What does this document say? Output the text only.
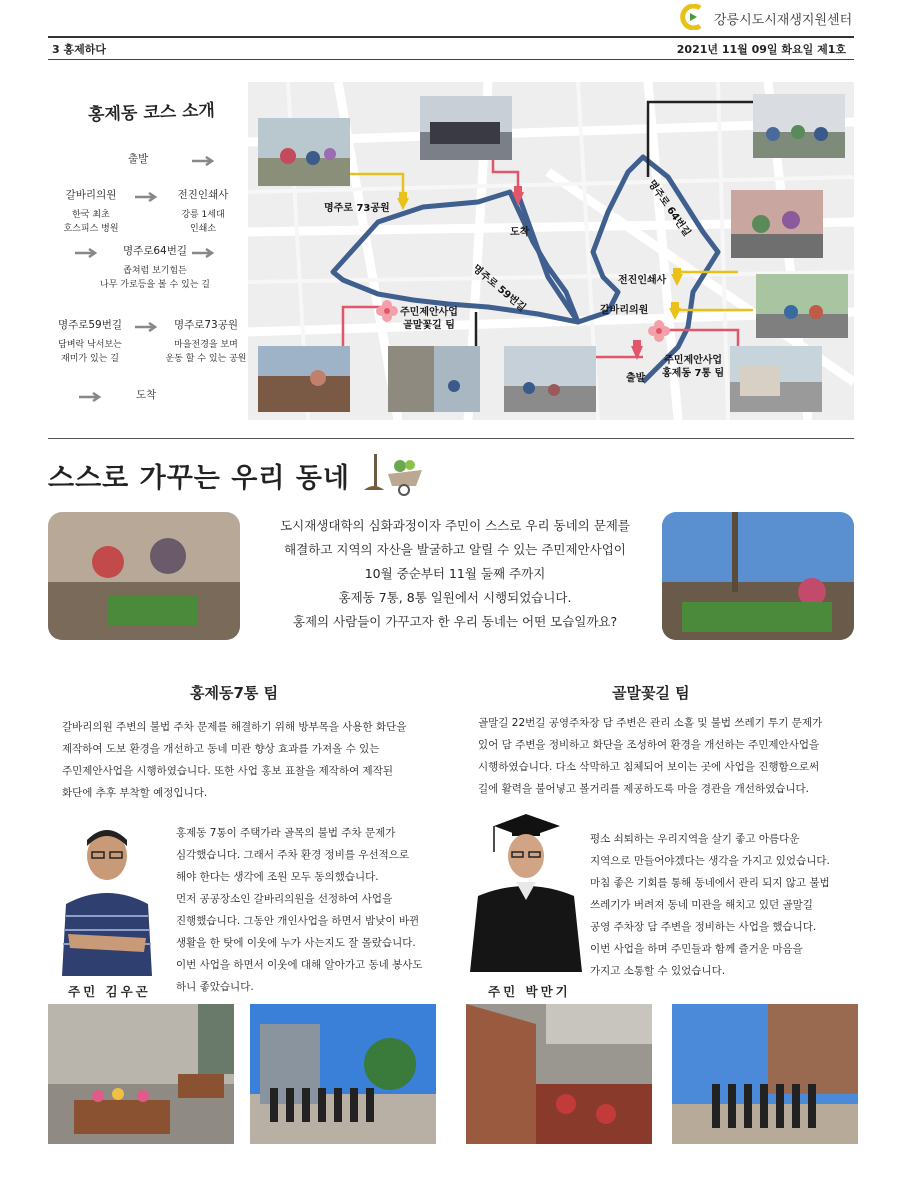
강릉시도시재생지원센터
3 홍제하다	2021년 11월 09일 화요일 제1호
홍제동 코스 소개
출발
갈바리의원
한국 최초
호스피스 병원
전진인쇄사
강릉 1세대
인쇄소
명주로64번길
좁쳐럼 보기힘든
나무 가로등을 볼 수 있는 길
명주로59번길
담벼락 낙서보는
재미가 있는 길
명주로73공원
마을전경을 보며
운동 할 수 있는 공원
도착
명주로 73공원
도착
명주로 59번길
명주로 64번길
전진인쇄사
갈바리의원
출발
주민제안사업
골말꽃길 팀
주민제안사업
홍제동 7통 팀
스스로 가꾸는 우리 동네
도시재생대학의 심화과정이자 주민이 스스로 우리 동네의 문제를
해결하고 지역의 자산을 발굴하고 알릴 수 있는 주민제안사업이
10월 중순부터 11월 둘째 주까지
홍제동 7통, 8통 일원에서 시행되었습니다.
홍제의 사람들이 가꾸고자 한 우리 동네는 어떤 모습일까요?
홍제동7통 팀
갈바리의원 주변의 불법 주차 문제를 해결하기 위해 방부목을 사용한 화단을
제작하여 도보 환경을 개선하고 동네 미관 향상 효과를 가져올 수 있는
주민제안사업을 시행하였습니다. 또한 사업 홍보 표찰을 제작하여 제작된
화단에 추후 부착할 예정입니다.
주민 김우곤
홍제동 7통이 주택가라 골목의 불법 주차 문제가
심각했습니다. 그래서 주차 환경 정비를 우선적으로
해야 한다는 생각에 조원 모두 동의했습니다.
먼저 공공장소인 갈바리의원을 선정하여 사업을
진행했습니다. 그동안 개인사업을 하면서 밤낮이 바뀐
생활을 한 탓에 이웃에 누가 사는지도 잘 몰랐습니다.
이번 사업을 하면서 이웃에 대해 알아가고 동네 봉사도
하니 좋았습니다.
골말꽃길 팀
골말길 22번길 공영주차장 담 주변은 관리 소홀 및 불법 쓰레기 투기 문제가
있어 담 주변을 정비하고 화단을 조성하여 환경을 개선하는 주민제안사업을
시행하였습니다. 다소 삭막하고 침체되어 보이는 곳에 사업을 진행함으로써
길에 활력을 불어넣고 볼거리를 제공하도록 마을 경관을 개선하였습니다.
주민 박만기
평소 쇠퇴하는 우리지역을 살기 좋고 아름다운
지역으로 만들어야겠다는 생각을 가지고 있었습니다.
마침 좋은 기회를 통해 동네에서 관리 되지 않고 불법
쓰레기가 버려져 동네 미관을 해치고 있던 골말길
공영 주차장 담 주변을 정비하는 사업을 했습니다.
이번 사업을 하며 주민들과 함께 즐거운 마음을
가지고 소통할 수 있었습니다.
